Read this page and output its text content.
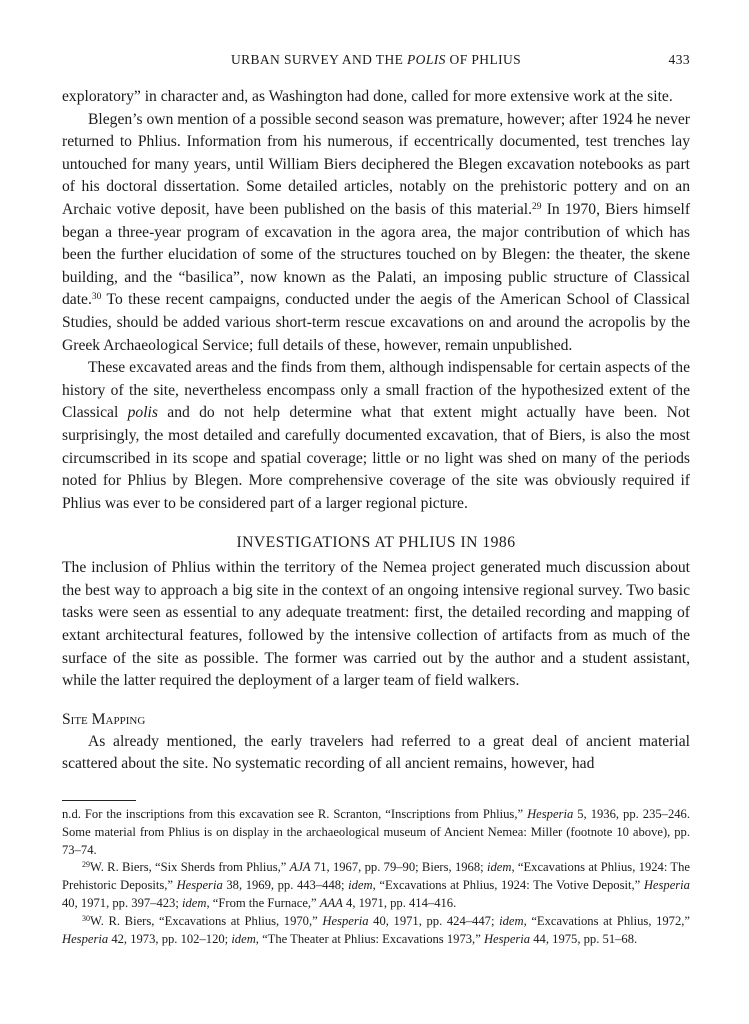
URBAN SURVEY AND THE POLIS OF PHLIUS	433

exploratory” in character and, as Washington had done, called for more extensive work at the site.

Blegen’s own mention of a possible second season was premature, however; after 1924 he never returned to Phlius. Information from his numerous, if eccentrically documented, test trenches lay untouched for many years, until William Biers deciphered the Blegen excavation notebooks as part of his doctoral dissertation. Some detailed articles, notably on the prehistoric pottery and on an Archaic votive deposit, have been published on the basis of this material.$^{29}$ In 1970, Biers himself began a three-year program of excavation in the agora area, the major contribution of which has been the further elucidation of some of the structures touched on by Blegen: the theater, the skene building, and the “basilica”, now known as the Palati, an imposing public structure of Classical date.$^{30}$ To these recent campaigns, conducted under the aegis of the American School of Classical Studies, should be added various short-term rescue excavations on and around the acropolis by the Greek Archaeological Service; full details of these, however, remain unpublished.

These excavated areas and the finds from them, although indispensable for certain aspects of the history of the site, nevertheless encompass only a small fraction of the hypothesized extent of the Classical polis and do not help determine what that extent might actually have been. Not surprisingly, the most detailed and carefully documented excavation, that of Biers, is also the most circumscribed in its scope and spatial coverage; little or no light was shed on many of the periods noted for Phlius by Blegen. More comprehensive coverage of the site was obviously required if Phlius was ever to be considered part of a larger regional picture.

INVESTIGATIONS AT PHLIUS IN 1986

The inclusion of Phlius within the territory of the Nemea project generated much discussion about the best way to approach a big site in the context of an ongoing intensive regional survey. Two basic tasks were seen as essential to any adequate treatment: first, the detailed recording and mapping of extant architectural features, followed by the intensive collection of artifacts from as much of the surface of the site as possible. The former was carried out by the author and a student assistant, while the latter required the deployment of a larger team of field walkers.

Site Mapping

As already mentioned, the early travelers had referred to a great deal of ancient material scattered about the site. No systematic recording of all ancient remains, however, had

n.d. For the inscriptions from this excavation see R. Scranton, “Inscriptions from Phlius,” Hesperia 5, 1936, pp. 235–246. Some material from Phlius is on display in the archaeological museum of Ancient Nemea: Miller (footnote 10 above), pp. 73–74.

$^{29}$W. R. Biers, “Six Sherds from Phlius,” AJA 71, 1967, pp. 79–90; Biers, 1968; idem, “Excavations at Phlius, 1924: The Prehistoric Deposits,” Hesperia 38, 1969, pp. 443–448; idem, “Excavations at Phlius, 1924: The Votive Deposit,” Hesperia 40, 1971, pp. 397–423; idem, “From the Furnace,” AAA 4, 1971, pp. 414–416.

$^{30}$W. R. Biers, “Excavations at Phlius, 1970,” Hesperia 40, 1971, pp. 424–447; idem, “Excavations at Phlius, 1972,” Hesperia 42, 1973, pp. 102–120; idem, “The Theater at Phlius: Excavations 1973,” Hesperia 44, 1975, pp. 51–68.
